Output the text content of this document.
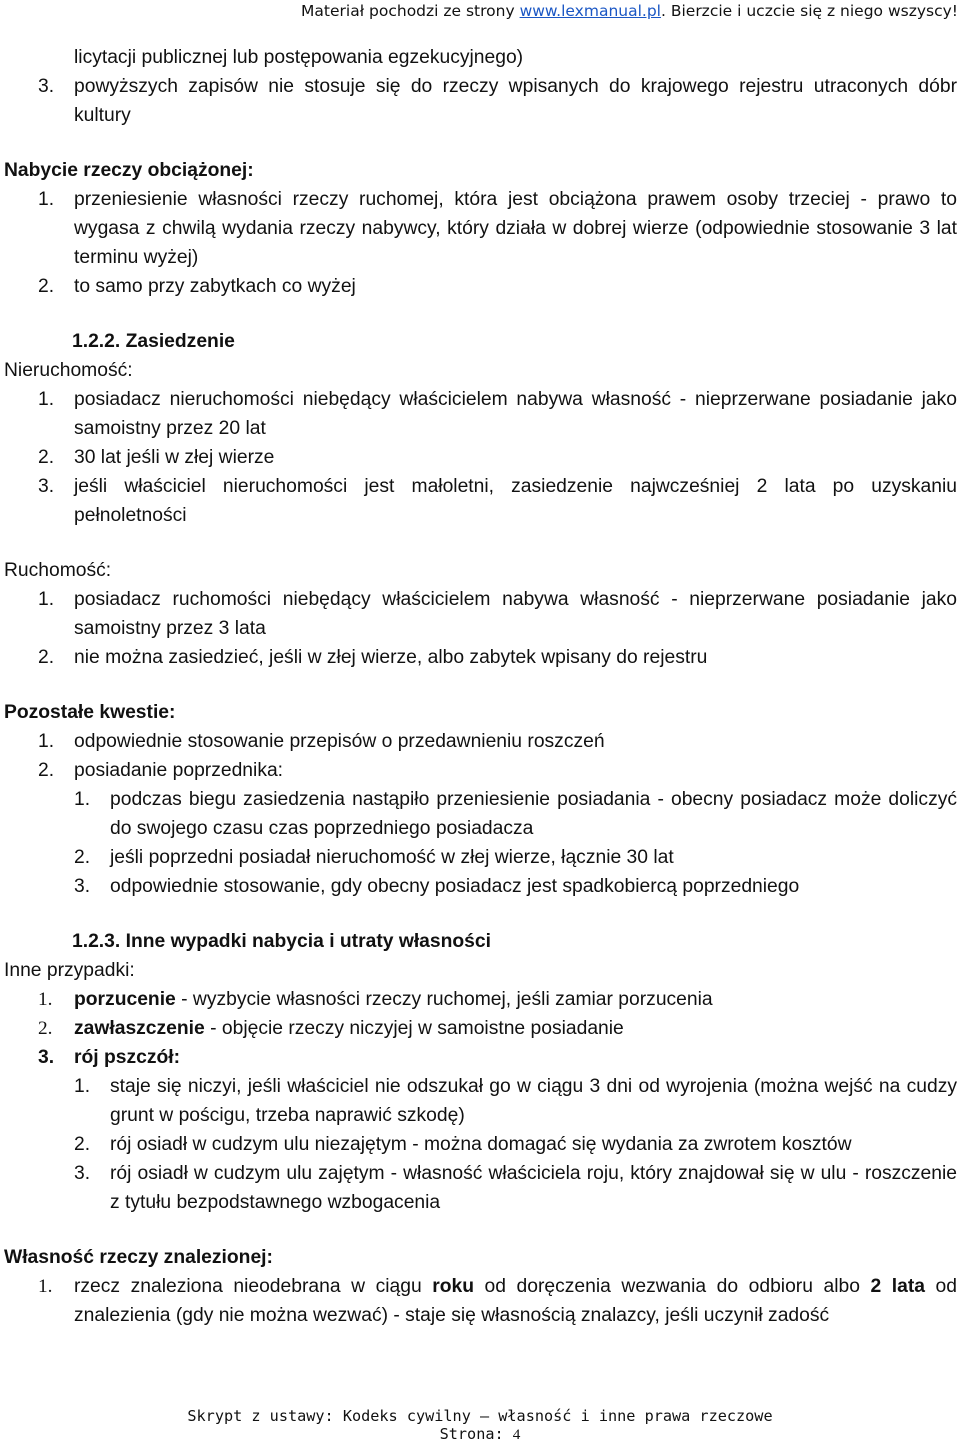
Materiał pochodzi ze strony www.lexmanual.pl. Bierzcie i uczcie się z niego wszyscy!
licytacji publicznej lub postępowania egzekucyjnego)
3.	powyższych zapisów nie stosuje się do rzeczy wpisanych do krajowego rejestru utraconych dóbr kultury
Nabycie rzeczy obciążonej:
1.	przeniesienie własności rzeczy ruchomej, która jest obciążona prawem osoby trzeciej - prawo to wygasa z chwilą wydania rzeczy nabywcy, który działa w dobrej wierze (odpowiednie stosowanie 3 lat terminu wyżej)
2.	to samo przy zabytkach co wyżej
1.2.2. Zasiedzenie
Nieruchomość:
1.	posiadacz nieruchomości niebędący właścicielem nabywa własność - nieprzerwane posiadanie jako samoistny przez 20 lat
2.	30 lat jeśli w złej wierze
3.	jeśli właściciel nieruchomości jest małoletni, zasiedzenie najwcześniej 2 lata po uzyskaniu pełnoletności
Ruchomość:
1.	posiadacz ruchomości niebędący właścicielem nabywa własność - nieprzerwane posiadanie jako samoistny przez 3 lata
2.	nie można zasiedzieć, jeśli w złej wierze, albo zabytek wpisany do rejestru
Pozostałe kwestie:
1.	odpowiednie stosowanie przepisów o przedawnieniu roszczeń
2.	posiadanie poprzednika:
1.	podczas biegu zasiedzenia nastąpiło przeniesienie posiadania - obecny posiadacz może doliczyć do swojego czasu czas poprzedniego posiadacza
2.	jeśli poprzedni posiadał nieruchomość w złej wierze, łącznie 30 lat
3.	odpowiednie stosowanie, gdy obecny posiadacz jest spadkobiercą poprzedniego
1.2.3. Inne wypadki nabycia i utraty własności
Inne przypadki:
1.	porzucenie - wyzbycie własności rzeczy ruchomej, jeśli zamiar porzucenia
2.	zawłaszczenie - objęcie rzeczy niczyjej w samoistne posiadanie
3.	rój pszczół:
1.	staje się niczyi, jeśli właściciel nie odszukał go w ciągu 3 dni od wyrojenia (można wejść na cudzy grunt w pościgu, trzeba naprawić szkodę)
2.	rój osiadł w cudzym ulu niezajętym - można domagać się wydania za zwrotem kosztów
3.	rój osiadł w cudzym ulu zajętym - własność właściciela roju, który znajdował się w ulu - roszczenie z tytułu bezpodstawnego wzbogacenia
Własność rzeczy znalezionej:
1.	rzecz znaleziona nieodebrana w ciągu roku od doręczenia wezwania do odbioru albo 2 lata od znalezienia (gdy nie można wezwać) - staje się własnością znalazcy, jeśli uczynił zadość
Skrypt z ustawy: Kodeks cywilny – własność i inne prawa rzeczowe
Strona: 4
